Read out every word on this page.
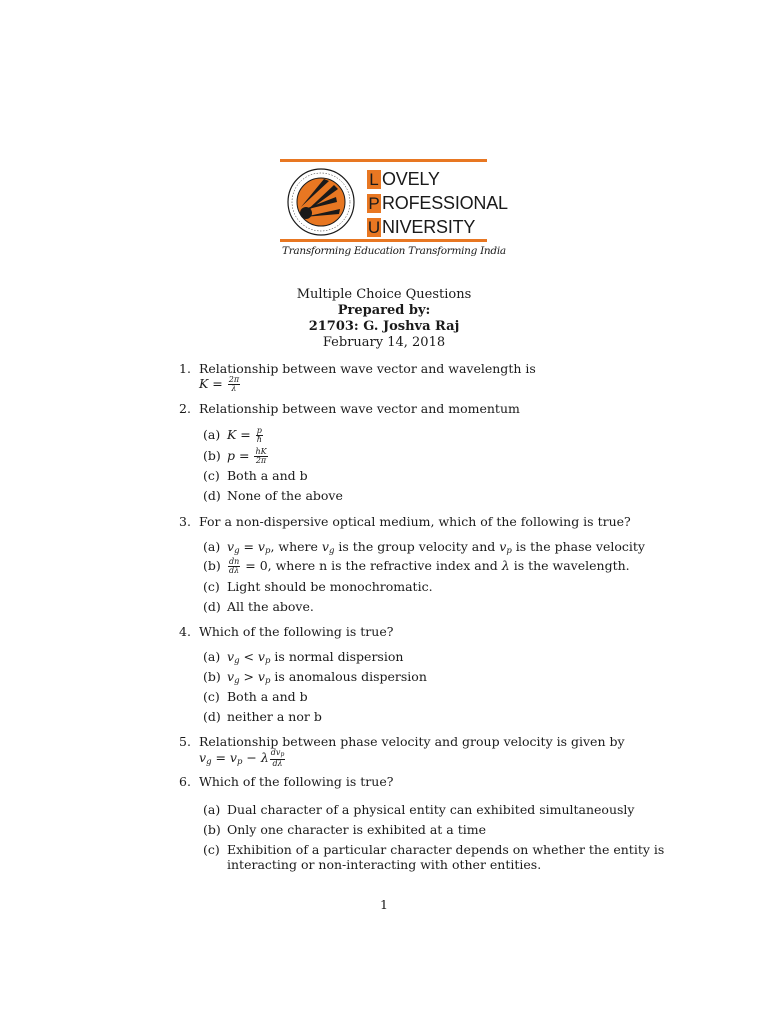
L OVELY
P ROFESSIONAL
U NIVERSITY
Transforming Education Transforming India
Multiple Choice Questions
Prepared by:
21703: G. Joshva Raj
February 14, 2018
1. Relationship between wave vector and wavelength is
$K = \frac{2\pi}{\lambda}$
2. Relationship between wave vector and momentum
(a) $K = \frac{p}{ħ}$
(b) $p = \frac{hK}{2\pi}$
(c) Both a and b
(d) None of the above
3. For a non-dispersive optical medium, which of the following is true?
(a) $v_g = v_p$, where $v_g$ is the group velocity and $v_p$ is the phase velocity
$(b) \frac{dn}{d\lambda} = 0$, where n is the refractive index and λ is the wavelength.
(c) Light should be monochromatic.
(d) All the above.
4. Which of the following is true?
(a) $v_g < v_p$ is normal dispersion
(b) $v_g > v_p$ is anomalous dispersion
(c) Both a and b
(d) neither a nor b
5. Relationship between phase velocity and group velocity is given by
$v_g = v_p - \lambda \frac{\text{dvp}}{d\lambda}$
6. Which of the following is true?
(a) Dual character of a physical entity can exhibited simultaneously
(b) Only one character is exhibited at a time
(c) Exhibition of a particular character depends on whether the entity is
interacting or non-interacting with other entities.
1
